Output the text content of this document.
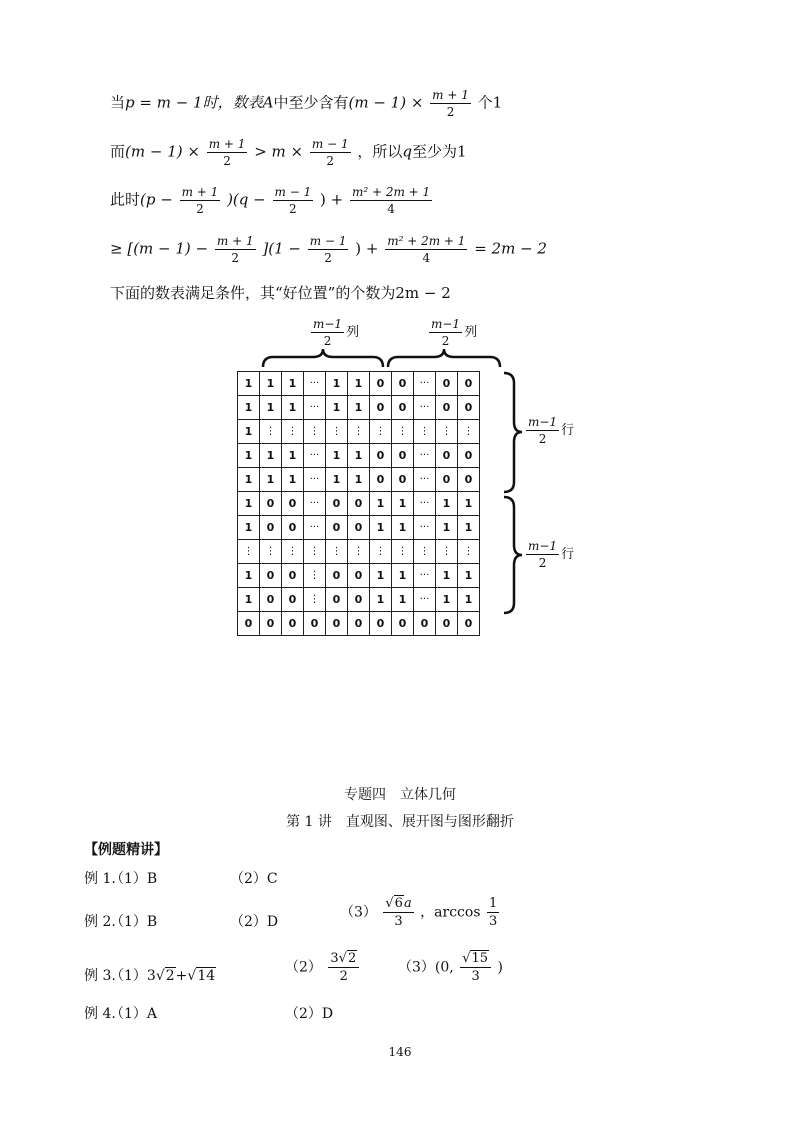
当p = m − 1时，数表A中至少含有$(m - 1) \times \frac{m + 1}{2}$ 个1
而$(m - 1) \times \frac{m + 1}{2} > m \times \frac{m - 1}{2}$ ，所以q至少为1
此时$(p - \frac{m + 1}{2} )(q - \frac{m - 1}{2}$ ) + $\frac{\text{m² + 2m + 1}}{4}$
≥ $[(m - 1) - \frac{m + 1}{2} ](1 - \frac{m - 1}{2}$ ) + $\frac{\text{m² + 2m + 1}}{4} = 2m - 2$
下面的数表满足条件，其“好位置”的个数为2m − 2
$\frac{m-1}{2}$ 列	$\frac{m-1}{2}$ 列
$\frac{m-1}{2}$ 行
$\frac{m-1}{2}$ 行
1	1	1	···	1	1	0	0	···	0	0
1	1	1	···	1	1	0	0	···	0	0
1	⋮	⋮	⋮	⋮	⋮	⋮	⋮	⋮	⋮	⋮
1	1	1	···	1	1	0	0	···	0	0
1	1	1	···	1	1	0	0	···	0	0
1	0	0	···	0	0	1	1	···	1	1
1	0	0	···	0	0	1	1	···	1	1
⋮	⋮	⋮	⋮	⋮	⋮	⋮	⋮	⋮	⋮	⋮
1	0	0	⋮	0	0	1	1	···	1	1
1	0	0	⋮	0	0	1	1	···	1	1
0	0	0	0	0	0	0	0	0	0	0
专题四　立体几何
第 1 讲　直观图、展开图与图形翻折
【例题精讲】
例 1.
（1）B	（2）C
例 2.
（1）B	（2）D
$(3) \frac{√6a}{3}$ ，$\arccos \frac{1}{3}$
例 3.
（1）3√2+√14
$(2) \frac{3√2}{2}$	（3）(0, $\frac{√15}{3}$ )
例 4.
（1）A	（2）D
146
